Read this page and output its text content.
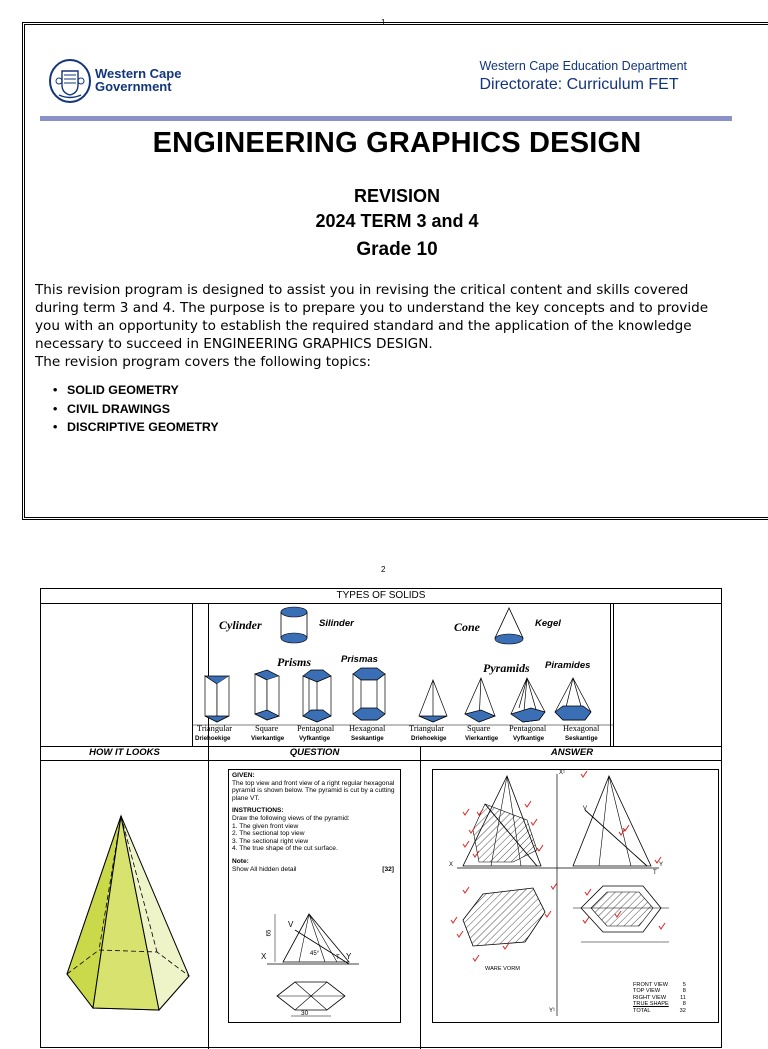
1
Western Cape
Government
Western Cape Education Department
Directorate: Curriculum FET
ENGINEERING GRAPHICS DESIGN
REVISION
2024 TERM 3 and 4
Grade 10

This revision program is designed to assist you in revising the critical content and skills covered

during term 3 and 4. The purpose is to prepare you to understand the key concepts and to provide

you with an opportunity to establish the required standard and the application of the knowledge

necessary to succeed in ENGINEERING GRAPHICS DESIGN.

The revision program covers the following topics:

• SOLID GEOMETRY
• CIVIL DRAWINGS
• DISCRIPTIVE GEOMETRY
2
TYPES OF SOLIDS
HOW IT LOOKS	QUESTION	ANSWER
Cylinder	Silinder	Cone	Kegel
Prisms	Prismas
Pyramids Piramides
Triangular	Square Pentagonal Hexagonal	Triangular	Square Pentagonal Hexagonal
Driehoekige	Vierkantige Vyfkantige	Seskantige	Driehoekige	Vierkantige Vyfkantige	Seskantige
GIVEN:
The top view and front view of a right regular hexagonal pyramid is shown below. The pyramid is cut by a cutting plane VT.
INSTRUCTIONS:
Draw the following views of the pyramid:
1. The given front view
2. The sectional top view
3. The sectional right view
4. The true shape of the cut surface.
Note:
Show All hidden detail	[32]
V
X	Y
T
65
45°
30
X	Y
X¹
Y¹
V
T
WARE VORM
FRONT VIEW	5
TOP VIEW	8
RIGHT VIEW	11
TRUE SHAPE	8
TOTAL	32
